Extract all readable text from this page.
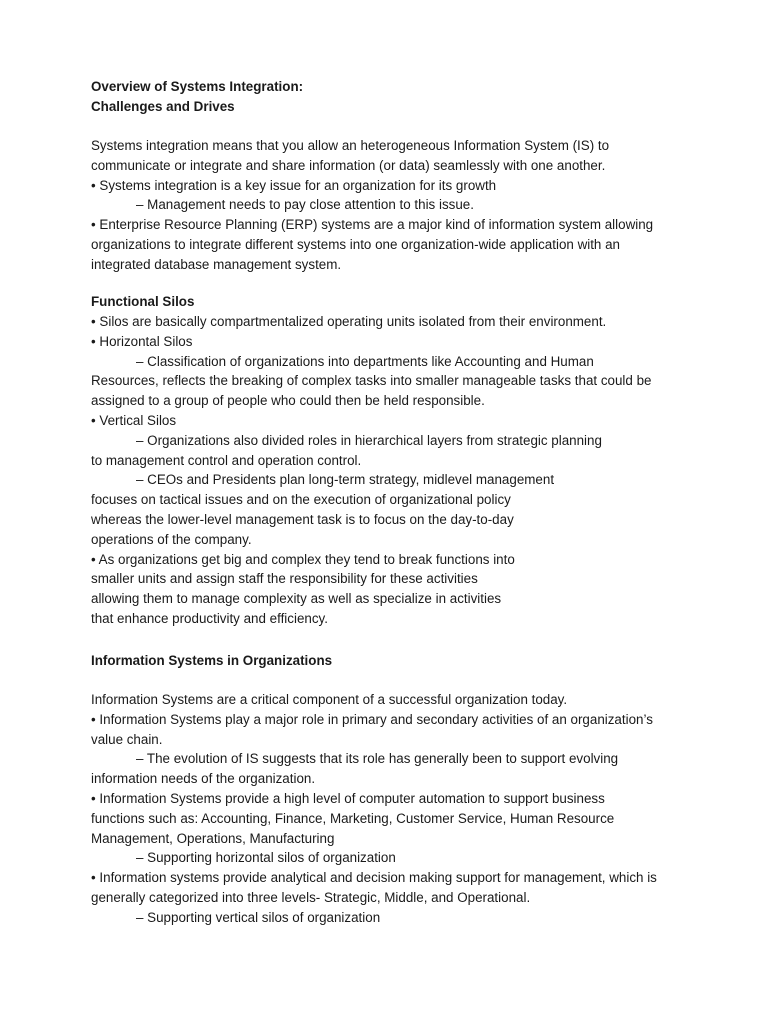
Overview of Systems Integration:
Challenges and Drives
Systems integration means that you allow an heterogeneous Information System (IS) to
communicate or integrate and share information (or data) seamlessly with one another.
• Systems integration is a key issue for an organization for its growth
– Management needs to pay close attention to this issue.
• Enterprise Resource Planning (ERP) systems are a major kind of information system allowing
organizations to integrate different systems into one organization-wide application with an
integrated database management system.
Functional Silos
• Silos are basically compartmentalized operating units isolated from their environment.
• Horizontal Silos
– Classification of organizations into departments like Accounting and Human
Resources, reflects the breaking of complex tasks into smaller manageable tasks that could be
assigned to a group of people who could then be held responsible.
• Vertical Silos
– Organizations also divided roles in hierarchical layers from strategic planning
to management control and operation control.
– CEOs and Presidents plan long-term strategy, midlevel management
focuses on tactical issues and on the execution of organizational policy
whereas the lower-level management task is to focus on the day-to-day
operations of the company.
• As organizations get big and complex they tend to break functions into
smaller units and assign staff the responsibility for these activities
allowing them to manage complexity as well as specialize in activities
that enhance productivity and efficiency.
Information Systems in Organizations
Information Systems are a critical component of a successful organization today.
• Information Systems play a major role in primary and secondary activities of an organization’s
value chain.
– The evolution of IS suggests that its role has generally been to support evolving
information needs of the organization.
• Information Systems provide a high level of computer automation to support business
functions such as: Accounting, Finance, Marketing, Customer Service, Human Resource
Management, Operations, Manufacturing
– Supporting horizontal silos of organization
• Information systems provide analytical and decision making support for management, which is
generally categorized into three levels- Strategic, Middle, and Operational.
– Supporting vertical silos of organization
